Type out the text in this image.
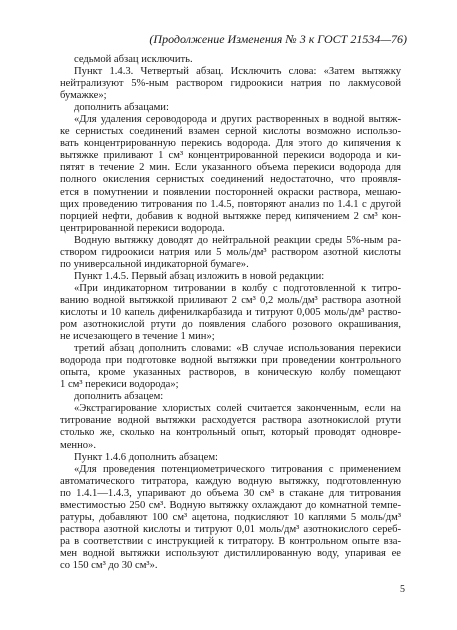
(Продолжение Изменения № 3 к ГОСТ 21534—76)
седьмой абзац исключить.
Пункт 1.4.3. Четвертый абзац. Исключить слова: «Затем вытяжку
нейтрализуют 5%-ным раствором гидроокиси натрия по лакмусовой
бумажке»;
дополнить абзацами:
«Для удаления сероводорода и других растворенных в водной вытяж-
ке сернистых соединений взамен серной кислоты возможно использо-
вать концентрированную перекись водорода. Для этого до кипячения к
вытяжке приливают 1 см³ концентрированной перекиси водорода и ки-
пятят в течение 2 мин. Если указанного объема перекиси водорода для
полного окисления сернистых соединений недостаточно, что проявля-
ется в помутнении и появлении посторонней окраски раствора, мешаю-
щих проведению титрования по 1.4.5, повторяют анализ по 1.4.1 с другой
порцией нефти, добавив к водной вытяжке перед кипячением 2 см³ кон-
центрированной перекиси водорода.
Водную вытяжку доводят до нейтральной реакции среды 5%-ным ра-
створом гидроокиси натрия или 5 моль/дм³ раствором азотной кислоты
по универсальной индикаторной бумаге».
Пункт 1.4.5. Первый абзац изложить в новой редакции:
«При индикаторном титровании в колбу с подготовленной к титро-
ванию водной вытяжкой приливают 2 см³ 0,2 моль/дм³ раствора азотной
кислоты и 10 капель дифенилкарбазида и титруют 0,005 моль/дм³ раство-
ром азотнокислой ртути до появления слабого розового окрашивания,
не исчезающего в течение 1 мин»;
третий абзац дополнить словами: «В случае использования перекиси
водорода при подготовке водной вытяжки при проведении контрольного
опыта, кроме указанных растворов, в коническую колбу помещают
1 см³ перекиси водорода»;
дополнить абзацем:
«Экстрагирование хлористых солей считается законченным, если на
титрование водной вытяжки расходуется раствора азотнокислой ртути
столько же, сколько на контрольный опыт, который проводят одновре-
менно».
Пункт 1.4.6 дополнить абзацем:
«Для проведения потенциометрического титрования с применением
автоматического титратора, каждую водную вытяжку, подготовленную
по 1.4.1—1.4.3, упаривают до объема 30 см³ в стакане для титрования
вместимостью 250 см³. Водную вытяжку охлаждают до комнатной темпе-
ратуры, добавляют 100 см³ ацетона, подкисляют 10 каплями 5 моль/дм³
раствора азотной кислоты и титруют 0,01 моль/дм³ азотнокислого сереб-
ра в соответствии с инструкцией к титратору. В контрольном опыте вза-
мен водной вытяжки используют дистиллированную воду, упаривая ее
со 150 см³ до 30 см³».
5
